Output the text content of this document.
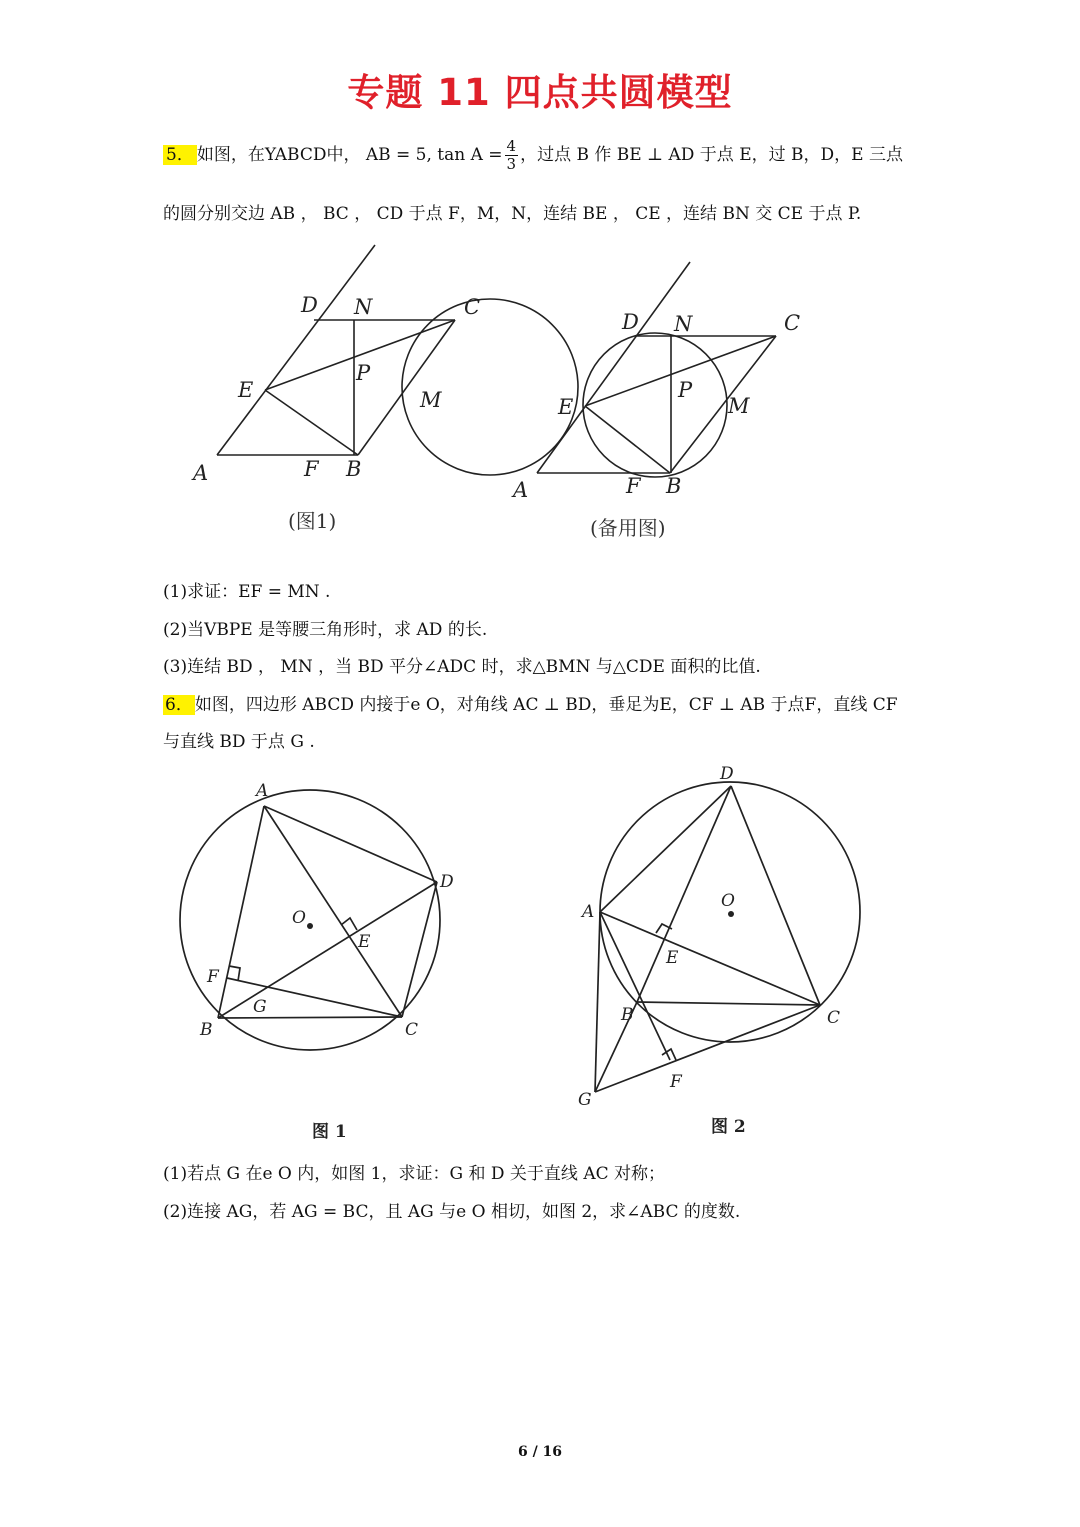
专题 11 四点共圆模型
5． 如图，在YABCD中， AB = 5, $\tan A = \frac{4}{3}$ ，过点 B 作 BE ⊥ AD 于点 E，过 B，D，E 三点
的圆分别交边 AB ， BC ， CD 于点 F，M，N，连结 BE ， CE ，连结 BN 交 CE 于点 P.
D N	C
E
P
M
A	F B
(图1)
D N	C
E
P
M
A	F B
(备用图)
(1)求证：EF = MN .
(2)当VBPE 是等腰三角形时，求 AD 的长.
(3)连结 BD ， MN ，当 BD 平分∠ADC 时，求△BMN 与△CDE 面积的比值.
6． 如图，四边形 ABCD 内接于e O，对角线 AC ⊥ BD，垂足为E，CF ⊥ AB 于点F，直线 CF
与直线 BD 于点 G .
A
D
O
E
F
G
B	C
图 1
D
O
A
E
B	C
F
G
图 2
(1)若点 G 在e O 内，如图 1，求证：G 和 D 关于直线 AC 对称；
(2)连接 AG，若 AG = BC，且 AG 与e O 相切，如图 2，求∠ABC 的度数.
6 / 16
